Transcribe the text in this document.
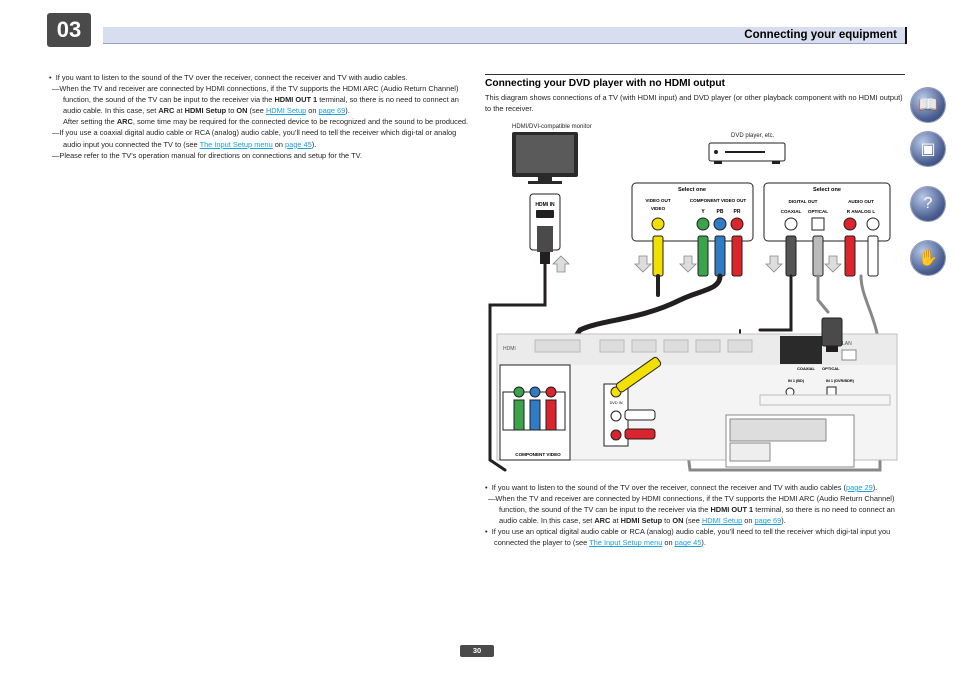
03	Connecting your equipment
📖
▣
?
✋

•  If you want to listen to the sound of the TV over the receiver, connect the receiver and TV with audio cables.

—When the TV and receiver are connected by HDMI connections, if the TV supports the HDMI ARC (Audio Return Channel) function, the sound of the TV can be input to the receiver via the HDMI OUT 1 terminal, so there is no need to connect an audio cable. In this case, set ARC at HDMI Setup to ON (see HDMI Setup on page 69).

After setting the ARC, some time may be required for the connected device to be recognized and the sound to be produced.

—If you use a coaxial digital audio cable or RCA (analog) audio cable, you’ll need to tell the receiver which digi-tal or analog audio input you connected the TV to (see The Input Setup menu on page 45).

—Please refer to the TV’s operation manual for directions on connections and setup for the TV.

Connecting your DVD player with no HDMI output
This diagram shows connections of a TV (with HDMI input) and DVD player (or other playback component with no HDMI output) to the receiver.
HDMI/DVI-compatible monitor
DVD player, etc.
HDMI IN
Select one
VIDEO OUT
VIDEO
COMPONENT VIDEO OUT
Y PB PR
Select one
DIGITAL OUT
COAXIAL OPTICAL
AUDIO OUT
R ANALOG L
HDMI
LAN
COAXIAL OPTICAL
IN 1 (BD)	IN 1 (DVR/BDR)
COMPONENT VIDEO
DVD IN

•  If you want to listen to the sound of the TV over the receiver, connect the receiver and TV with audio cables (page 29).

—When the TV and receiver are connected by HDMI connections, if the TV supports the HDMI ARC (Audio Return Channel) function, the sound of the TV can be input to the receiver via the HDMI OUT 1 terminal, so there is no need to connect an audio cable. In this case, set ARC at HDMI Setup to ON (see HDMI Setup on page 69).

•  If you use an optical digital audio cable or RCA (analog) audio cable, you’ll need to tell the receiver which digi-tal input you connected the player to (see The Input Setup menu on page 45).

30
